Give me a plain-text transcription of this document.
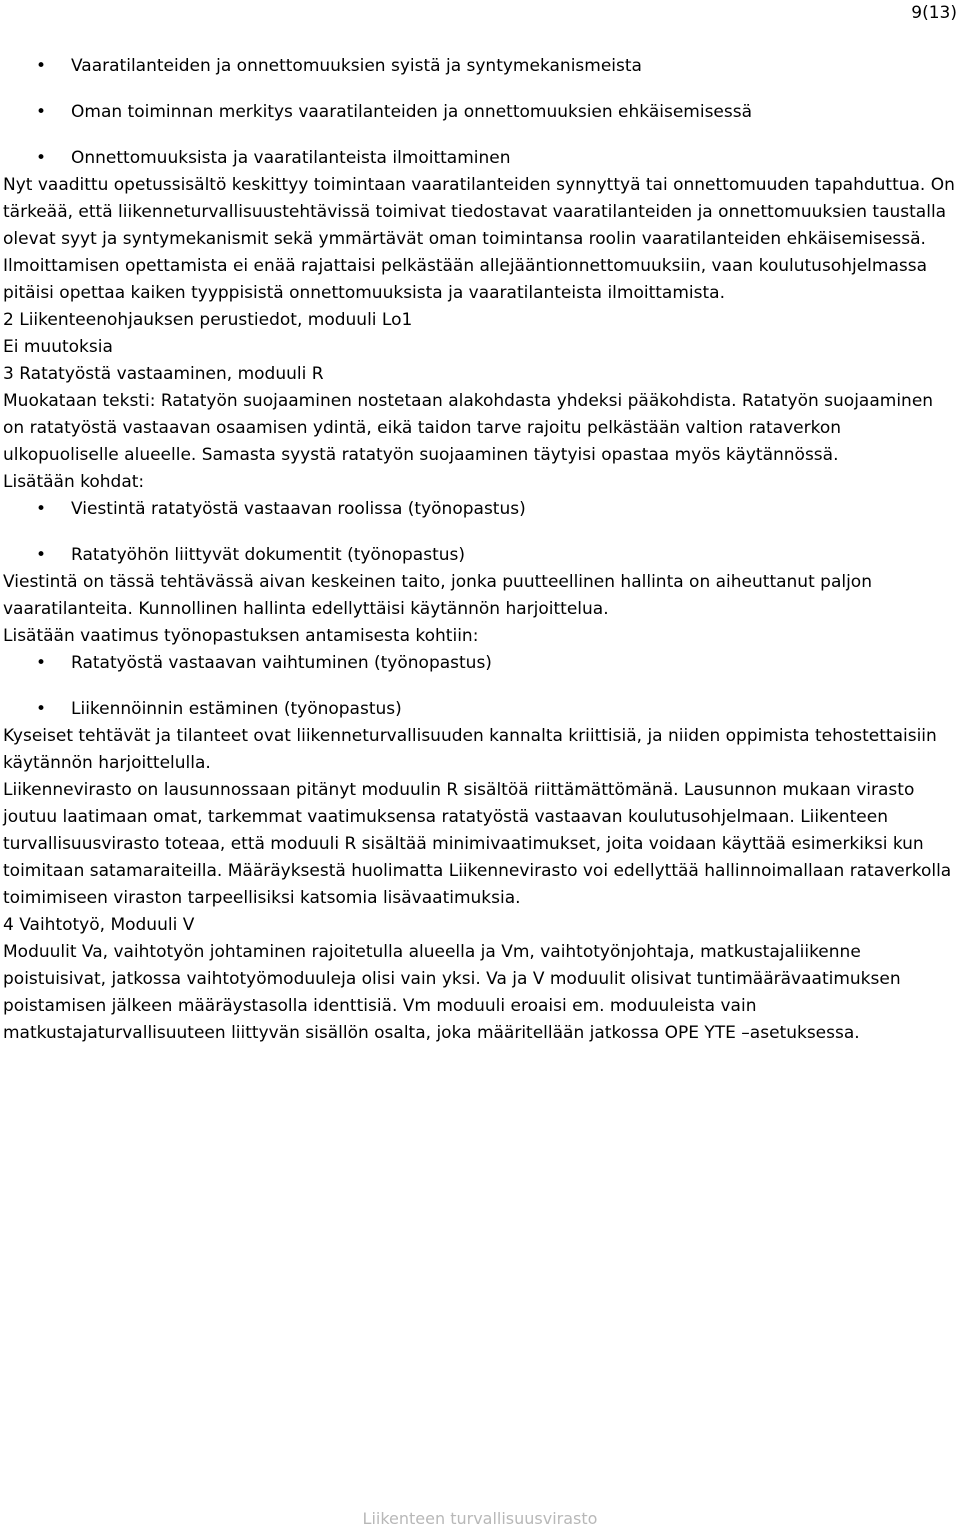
9(13)
• Vaaratilanteiden ja onnettomuuksien syistä ja syntymekanismeista
• Oman toiminnan merkitys vaaratilanteiden ja onnettomuuksien ehkäisemisessä
• Onnettomuuksista ja vaaratilanteista ilmoittaminen

Nyt vaadittu opetussisältö keskittyy toimintaan vaaratilanteiden synnyttyä tai onnettomuuden tapahduttua. On tärkeää, että liikenneturvallisuustehtävissä toimivat tiedostavat vaaratilanteiden ja onnettomuuksien taustalla olevat syyt ja syntymekanismit sekä ymmärtävät oman toimintansa roolin vaaratilanteiden ehkäisemisessä. Ilmoittamisen opettamista ei enää rajattaisi pelkästään allejääntionnettomuuksiin, vaan koulutusohjelmassa pitäisi opettaa kaiken tyyppisistä onnettomuuksista ja vaaratilanteista ilmoittamista.

2 Liikenteenohjauksen perustiedot, moduuli Lo1

Ei muutoksia

3 Ratatyöstä vastaaminen, moduuli R

Muokataan teksti: Ratatyön suojaaminen nostetaan alakohdasta yhdeksi pääkohdista. Ratatyön suojaaminen on ratatyöstä vastaavan osaamisen ydintä, eikä taidon tarve rajoitu pelkästään valtion rataverkon ulkopuoliselle alueelle. Samasta syystä ratatyön suojaaminen täytyisi opastaa myös käytännössä.

Lisätään kohdat:

• Viestintä ratatyöstä vastaavan roolissa (työnopastus)
• Ratatyöhön liittyvät dokumentit (työnopastus)

Viestintä on tässä tehtävässä aivan keskeinen taito, jonka puutteellinen hallinta on aiheuttanut paljon vaaratilanteita. Kunnollinen hallinta edellyttäisi käytännön harjoittelua.

Lisätään vaatimus työnopastuksen antamisesta kohtiin:

• Ratatyöstä vastaavan vaihtuminen (työnopastus)
• Liikennöinnin estäminen (työnopastus)

Kyseiset tehtävät ja tilanteet ovat liikenneturvallisuuden kannalta kriittisiä, ja niiden oppimista tehostettaisiin käytännön harjoittelulla.

Liikennevirasto on lausunnossaan pitänyt moduulin R sisältöä riittämättömänä. Lausunnon mukaan virasto joutuu laatimaan omat, tarkemmat vaatimuksensa ratatyöstä vastaavan koulutusohjelmaan. Liikenteen turvallisuusvirasto toteaa, että moduuli R sisältää minimivaatimukset, joita voidaan käyttää esimerkiksi kun toimitaan satamaraiteilla. Määräyksestä huolimatta Liikennevirasto voi edellyttää hallinnoimallaan rataverkolla toimimiseen viraston tarpeellisiksi katsomia lisävaatimuksia.

4 Vaihtotyö, Moduuli V

Moduulit Va, vaihtotyön johtaminen rajoitetulla alueella ja Vm, vaihtotyönjohtaja, matkustajaliikenne poistuisivat, jatkossa vaihtotyömoduuleja olisi vain yksi. Va ja V moduulit olisivat tuntimäärävaatimuksen poistamisen jälkeen määräystasolla identtisiä. Vm moduuli eroaisi em. moduuleista vain matkustajaturvallisuuteen liittyvän sisällön osalta, joka määritellään jatkossa OPE YTE –asetuksessa.

Liikenteen turvallisuusvirasto
